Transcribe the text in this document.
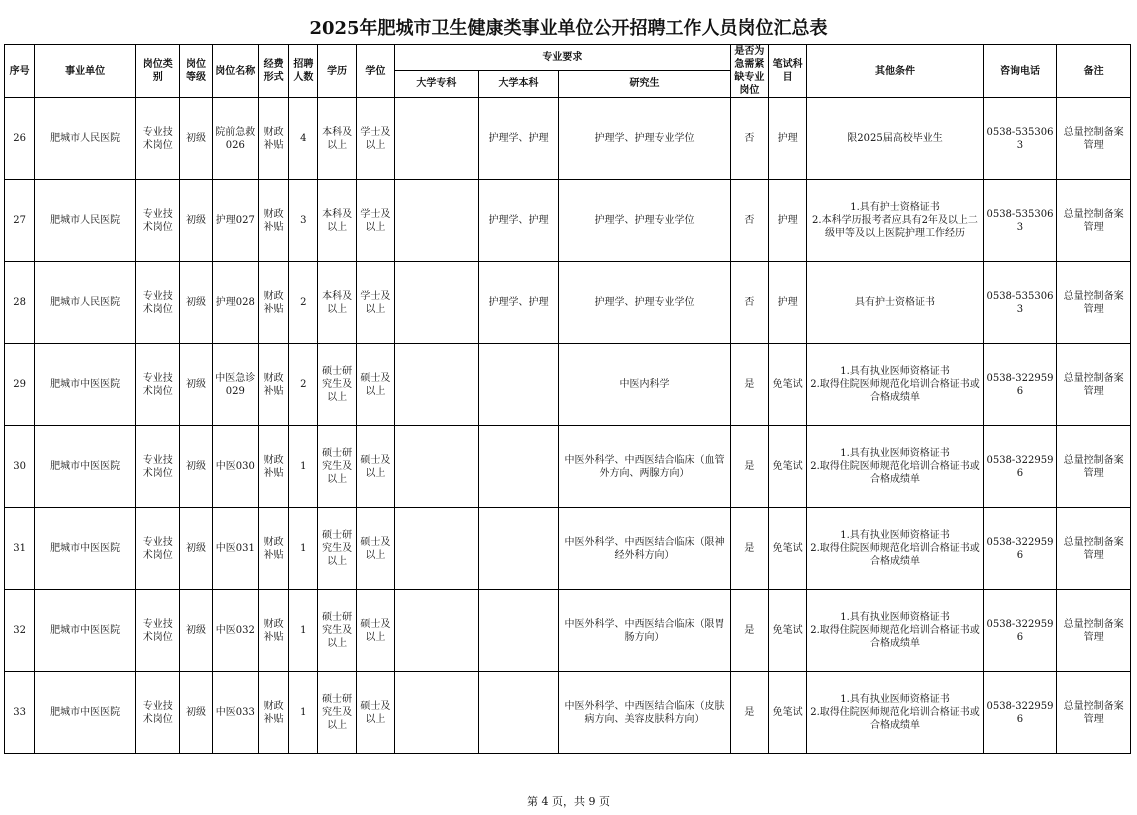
2025年肥城市卫生健康类事业单位公开招聘工作人员岗位汇总表
序号	事业单位	岗位类别	岗位等级	岗位名称	经费形式	招聘人数	学历	学位	专业要求			是否为急需紧缺专业岗位	笔试科目	其他条件	咨询电话	备注
									大学专科	大学本科	研究生					
26	肥城市人民医院	专业技术岗位	初级	院前急救026	财政补贴	4	本科及以上	学士及以上		护理学、护理	护理学、护理专业学位	否	护理	限2025届高校毕业生	0538-5353063	总量控制备案管理
27	肥城市人民医院	专业技术岗位	初级	护理027	财政补贴	3	本科及以上	学士及以上		护理学、护理	护理学、护理专业学位	否	护理	1.具有护士资格证书
2.本科学历报考者应具有2年及以上二级甲等及以上医院护理工作经历	0538-5353063	总量控制备案管理
28	肥城市人民医院	专业技术岗位	初级	护理028	财政补贴	2	本科及以上	学士及以上		护理学、护理	护理学、护理专业学位	否	护理	具有护士资格证书	0538-5353063	总量控制备案管理
29	肥城市中医医院	专业技术岗位	初级	中医急诊029	财政补贴	2	硕士研究生及以上	硕士及以上			中医内科学	是	免笔试	1.具有执业医师资格证书
2.取得住院医师规范化培训合格证书或合格成绩单	0538-3229596	总量控制备案管理
30	肥城市中医医院	专业技术岗位	初级	中医030	财政补贴	1	硕士研究生及以上	硕士及以上			中医外科学、中西医结合临床（血管外方向、两腺方向）	是	免笔试	1.具有执业医师资格证书
2.取得住院医师规范化培训合格证书或合格成绩单	0538-3229596	总量控制备案管理
31	肥城市中医医院	专业技术岗位	初级	中医031	财政补贴	1	硕士研究生及以上	硕士及以上			中医外科学、中西医结合临床（限神经外科方向）	是	免笔试	1.具有执业医师资格证书
2.取得住院医师规范化培训合格证书或合格成绩单	0538-3229596	总量控制备案管理
32	肥城市中医医院	专业技术岗位	初级	中医032	财政补贴	1	硕士研究生及以上	硕士及以上			中医外科学、中西医结合临床（限胃肠方向）	是	免笔试	1.具有执业医师资格证书
2.取得住院医师规范化培训合格证书或合格成绩单	0538-3229596	总量控制备案管理
33	肥城市中医医院	专业技术岗位	初级	中医033	财政补贴	1	硕士研究生及以上	硕士及以上			中医外科学、中西医结合临床（皮肤病方向、美容皮肤科方向）	是	免笔试	1.具有执业医师资格证书
2.取得住院医师规范化培训合格证书或合格成绩单	0538-3229596	总量控制备案管理
第 4 页，共 9 页
